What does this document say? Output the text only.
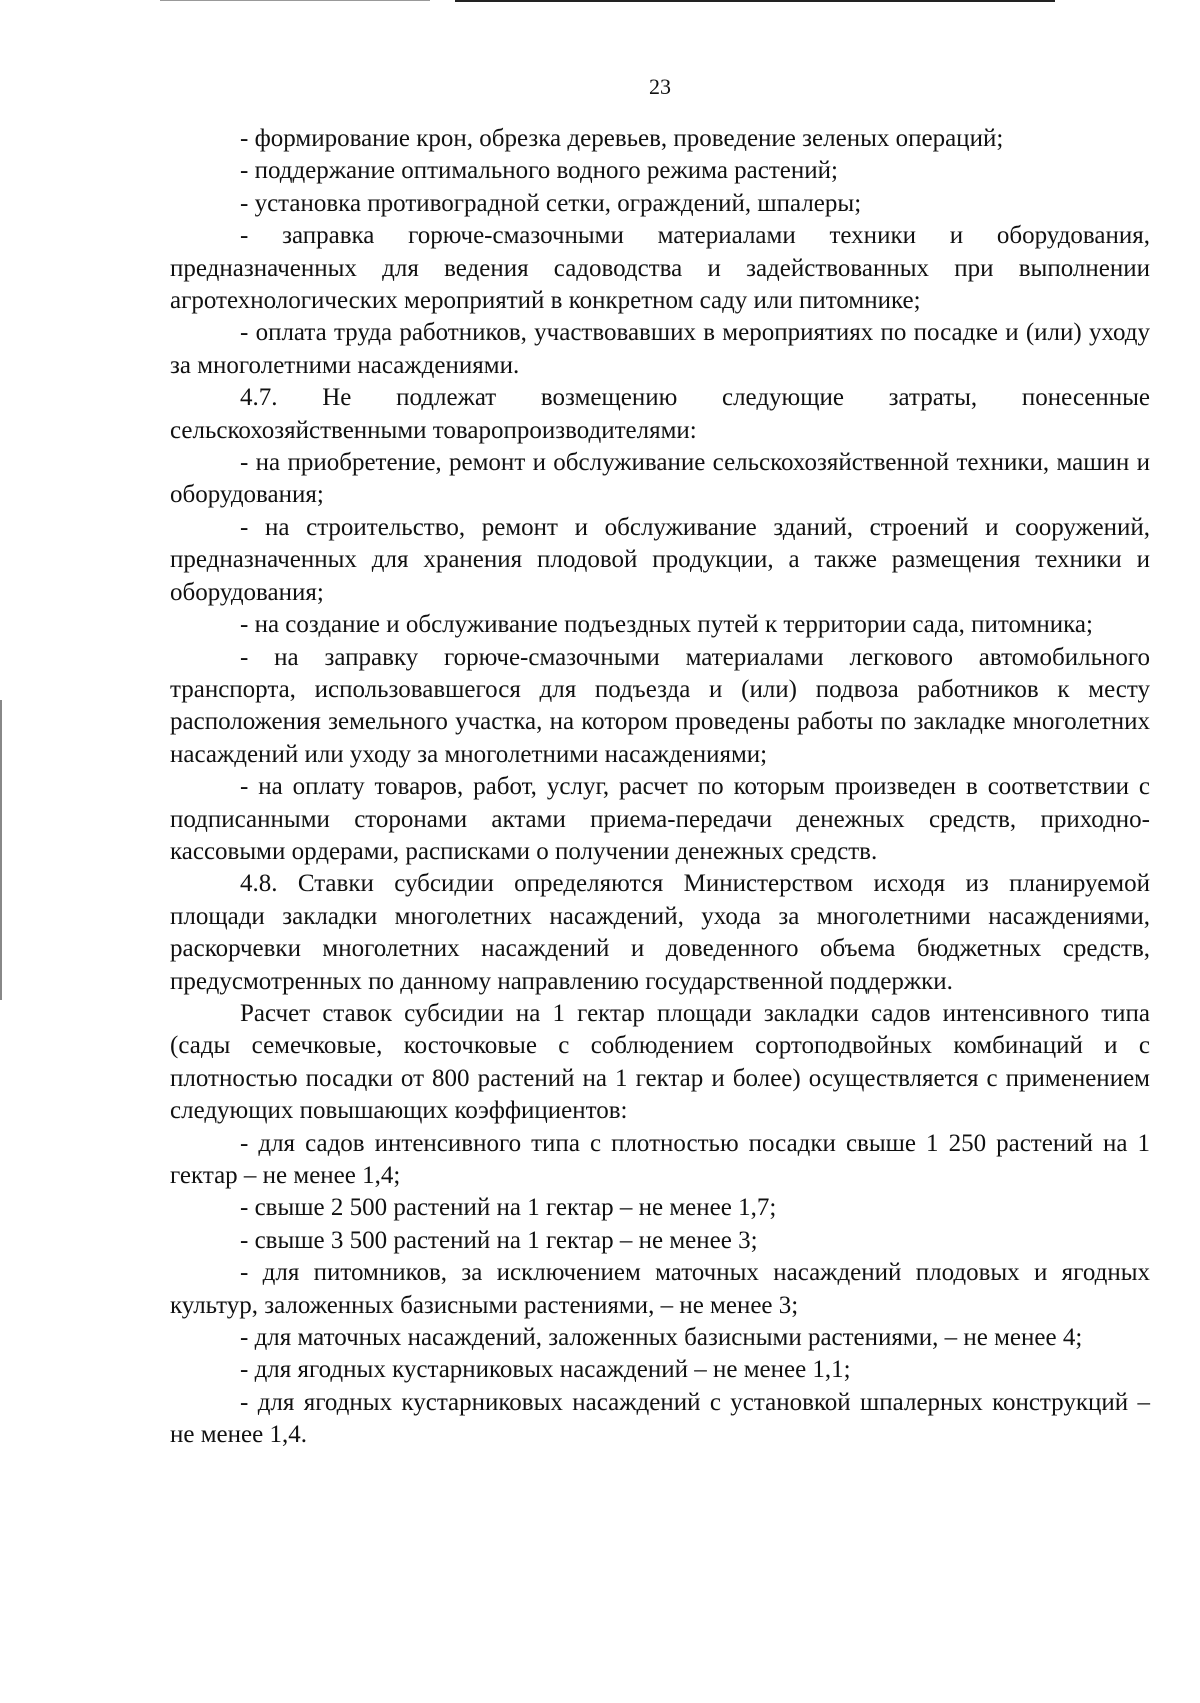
23

- формирование крон, обрезка деревьев, проведение зеленых операций;

- поддержание оптимального водного режима растений;

- установка противоградной сетки, ограждений, шпалеры;

- заправка горюче-смазочными материалами техники и оборудования, предназначенных для ведения садоводства и задействованных при выполнении агротехнологических мероприятий в конкретном саду или питомнике;

- оплата труда работников, участвовавших в мероприятиях по посадке и (или) уходу за многолетними насаждениями.

4.7. Не подлежат возмещению следующие затраты, понесенные сельскохозяйственными товаропроизводителями:

- на приобретение, ремонт и обслуживание сельскохозяйственной техники, машин и оборудования;

- на строительство, ремонт и обслуживание зданий, строений и сооружений, предназначенных для хранения плодовой продукции, а также размещения техники и оборудования;

- на создание и обслуживание подъездных путей к территории сада, питомника;

- на заправку горюче-смазочными материалами легкового автомобильного транспорта, использовавшегося для подъезда и (или) подвоза работников к месту расположения земельного участка, на котором проведены работы по закладке многолетних насаждений или уходу за многолетними насаждениями;

- на оплату товаров, работ, услуг, расчет по которым произведен в соответствии с подписанными сторонами актами приема-передачи денежных средств, приходно-кассовыми ордерами, расписками о получении денежных средств.

4.8. Ставки субсидии определяются Министерством исходя из планируемой площади закладки многолетних насаждений, ухода за многолетними насаждениями, раскорчевки многолетних насаждений и доведенного объема бюджетных средств, предусмотренных по данному направлению государственной поддержки.

Расчет ставок субсидии на 1 гектар площади закладки садов интенсивного типа (сады семечковые, косточковые с соблюдением сортоподвойных комбинаций и с плотностью посадки от 800 растений на 1 гектар и более) осуществляется с применением следующих повышающих коэффициентов:

- для садов интенсивного типа с плотностью посадки свыше 1 250 растений на 1 гектар – не менее 1,4;

- свыше 2 500 растений на 1 гектар – не менее 1,7;

- свыше 3 500 растений на 1 гектар – не менее 3;

- для питомников, за исключением маточных насаждений плодовых и ягодных культур, заложенных базисными растениями, – не менее 3;

- для маточных насаждений, заложенных базисными растениями, – не менее 4;

- для ягодных кустарниковых насаждений – не менее 1,1;

- для ягодных кустарниковых насаждений с установкой шпалерных конструкций – не менее 1,4.
